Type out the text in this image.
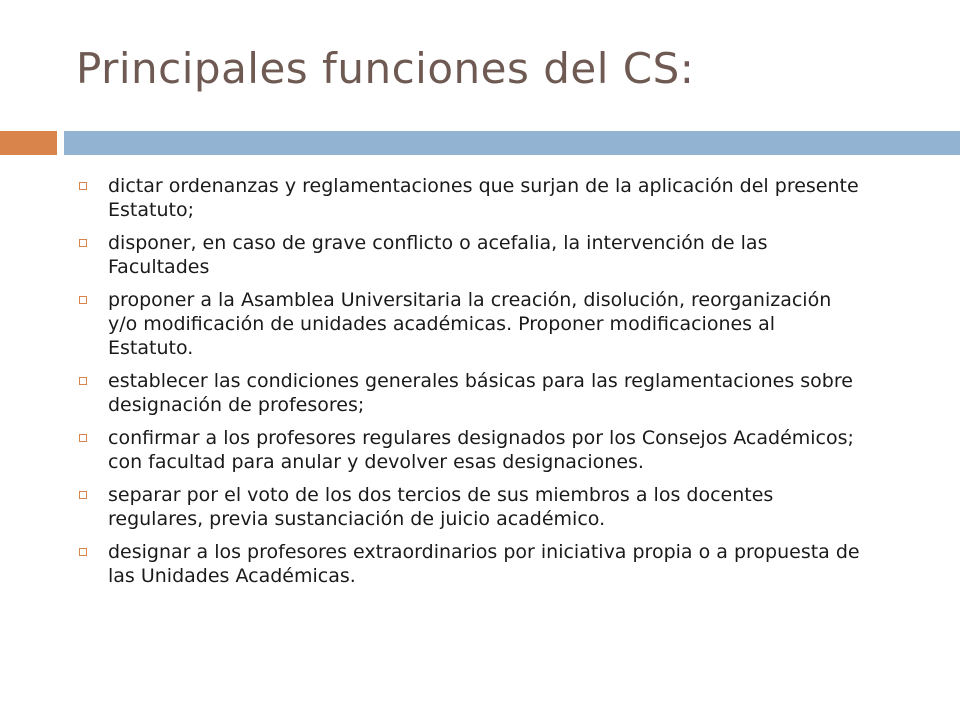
Principales funciones del CS:
dictar ordenanzas y reglamentaciones que surjan de la aplicación del presente Estatuto;
disponer, en caso de grave conflicto o acefalia, la intervención de las Facultades
proponer a la Asamblea Universitaria la creación, disolución, reorganización y/o modificación de unidades académicas. Proponer modificaciones al Estatuto.
establecer las condiciones generales básicas para las reglamentaciones sobre designación de profesores;
confirmar a los profesores regulares designados por los Consejos Académicos; con facultad para anular y devolver esas designaciones.
separar por el voto de los dos tercios de sus miembros a los docentes regulares, previa sustanciación de juicio académico.
designar a los profesores extraordinarios por iniciativa propia o a propuesta de las Unidades Académicas.
